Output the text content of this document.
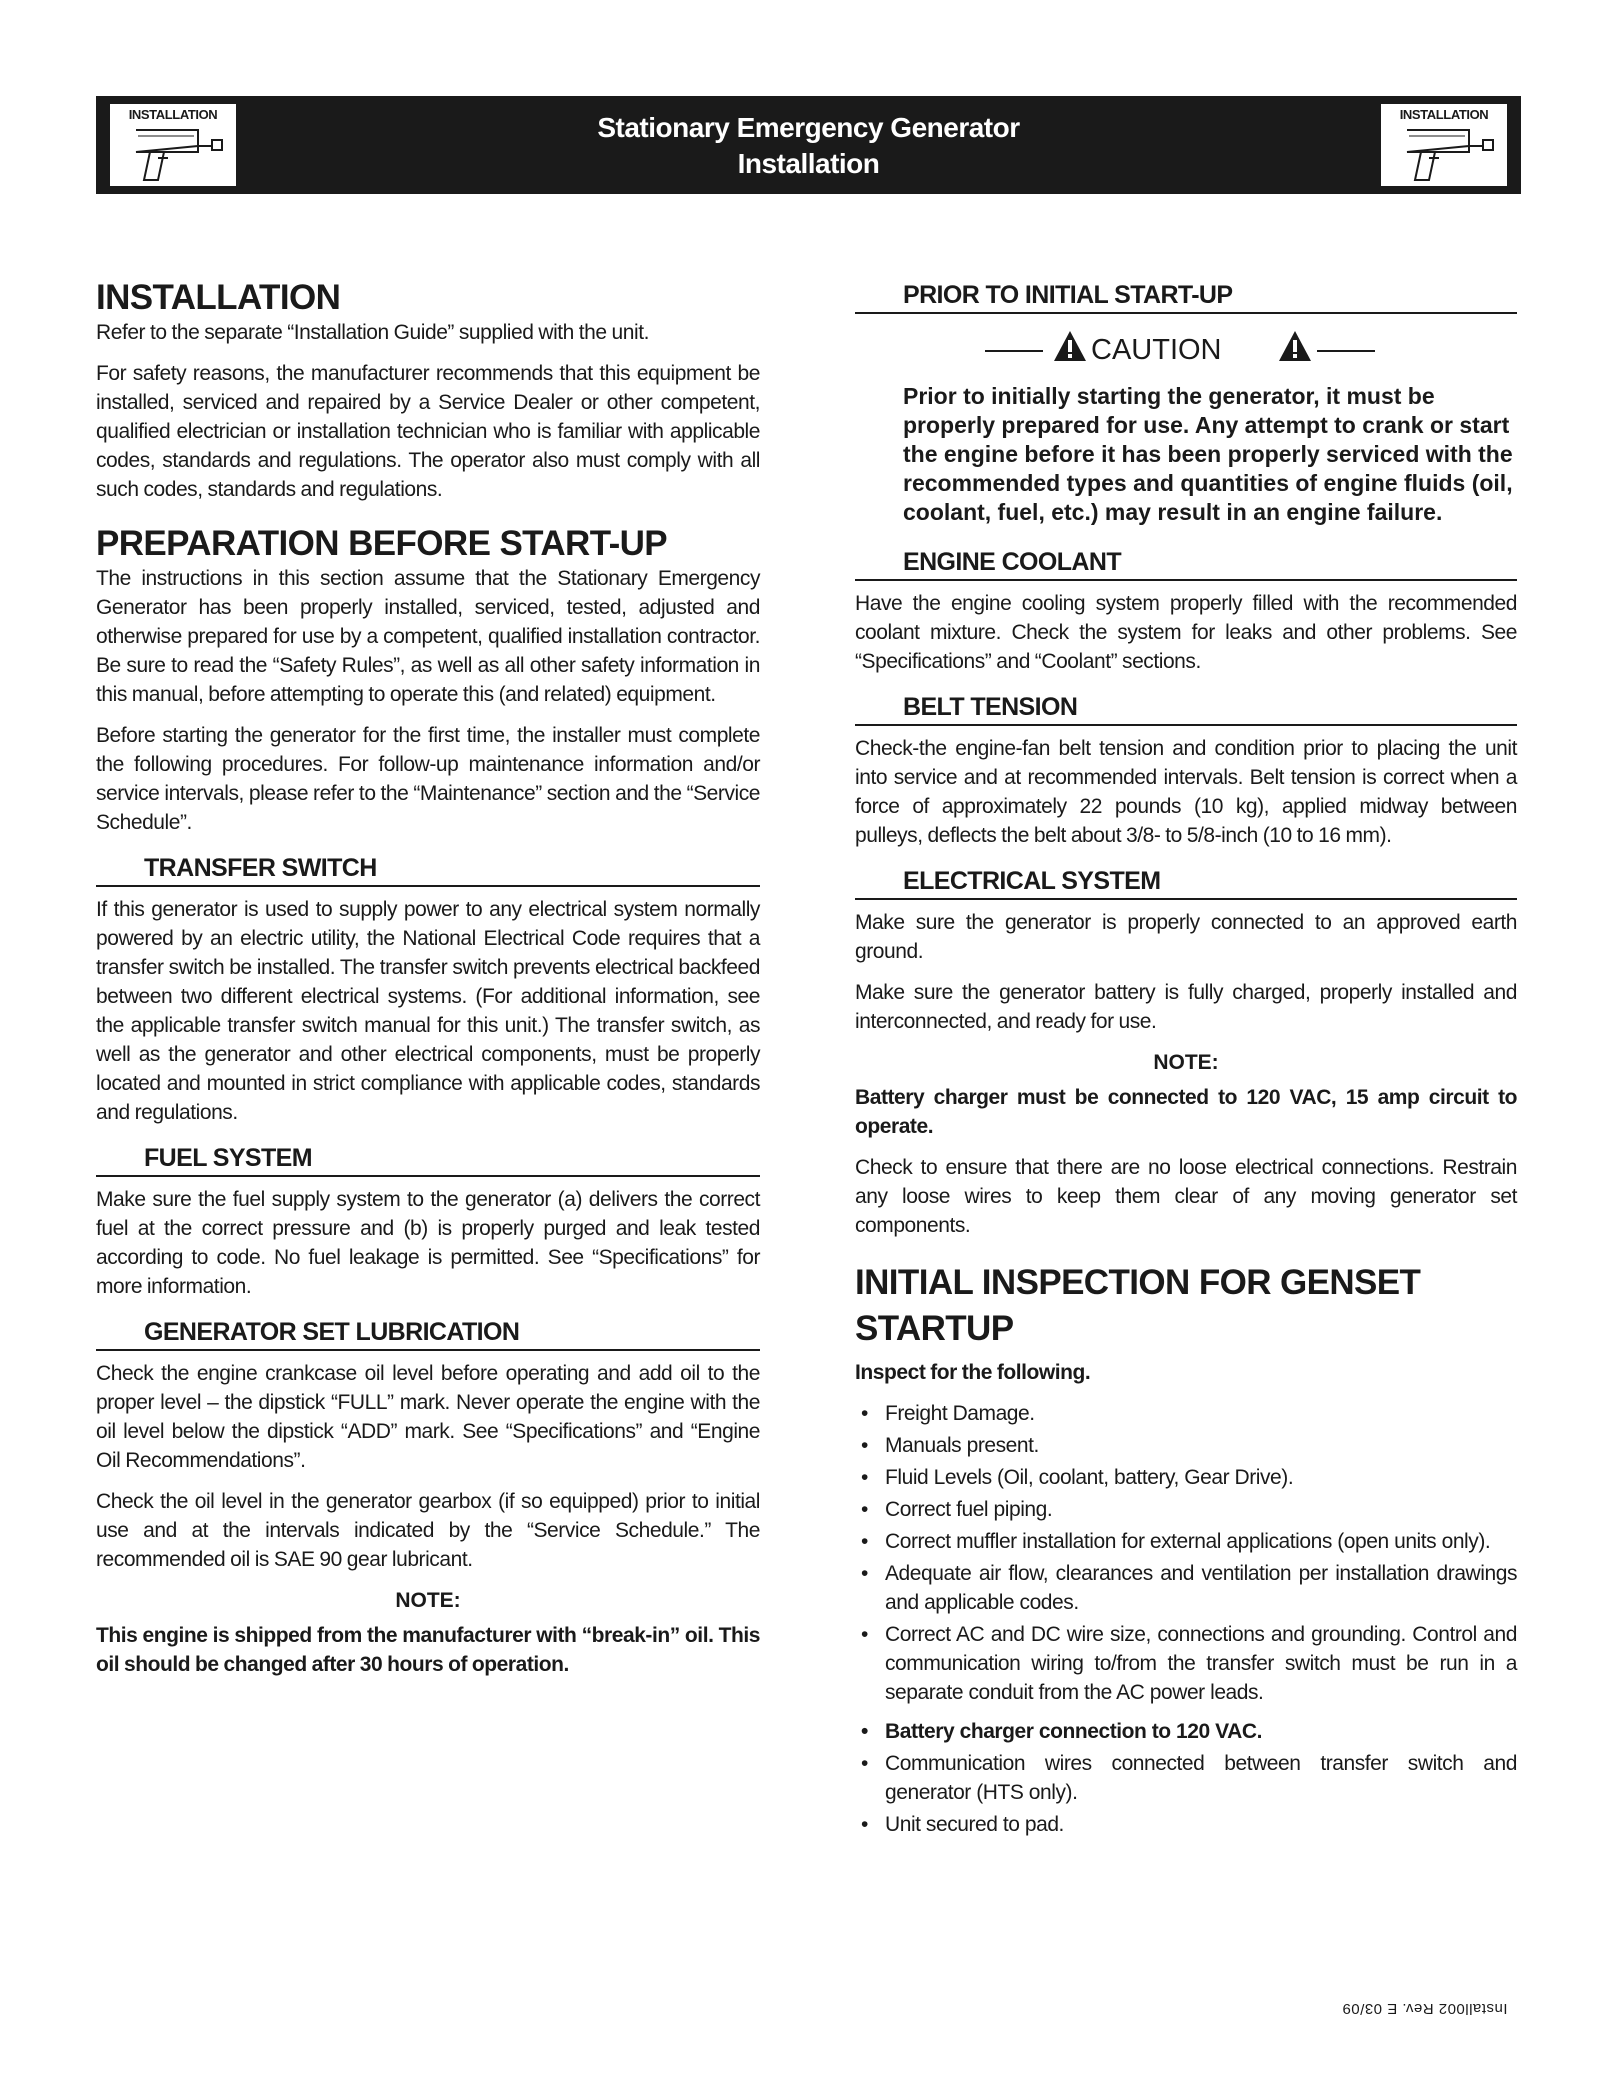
INSTALLATION	Stationary Emergency Generator
Installation
INSTALLATION
INSTALLATION

Refer to the separate “Installation Guide” supplied with the unit.

For safety reasons, the manufacturer recommends that this equipment be installed, serviced and repaired by a Service Dealer or other competent, qualified electrician or installation technician who is familiar with applicable codes, standards and regulations. The operator also must comply with all such codes, standards and regulations.

PREPARATION BEFORE START-UP

The instructions in this section assume that the Stationary Emergency Generator has been properly installed, serviced, tested, adjusted and otherwise prepared for use by a competent, qualified installation contractor. Be sure to read the “Safety Rules”, as well as all other safety information in this manual, before attempting to operate this (and related) equipment.

Before starting the generator for the first time, the installer must complete the following procedures. For follow-up maintenance information and/or service intervals, please refer to the “Maintenance” section and the “Service Schedule”.

TRANSFER SWITCH

If this generator is used to supply power to any electrical system normally powered by an electric utility, the National Electrical Code requires that a transfer switch be installed. The transfer switch prevents electrical backfeed between two different electrical systems. (For additional information, see the applicable transfer switch manual for this unit.) The transfer switch, as well as the generator and other electrical components, must be properly located and mounted in strict compliance with applicable codes, standards and regulations.

FUEL SYSTEM

Make sure the fuel supply system to the generator (a) delivers the correct fuel at the correct pressure and (b) is properly purged and leak tested according to code. No fuel leakage is permitted. See “Specifications” for more information.

GENERATOR SET LUBRICATION

Check the engine crankcase oil level before operating and add oil to the proper level – the dipstick “FULL” mark. Never operate the engine with the oil level below the dipstick “ADD” mark. See “Specifications” and “Engine Oil Recommendations”.

Check the oil level in the generator gearbox (if so equipped) prior to initial use and at the intervals indicated by the “Service Schedule.” The recommended oil is SAE 90 gear lubricant.

NOTE:

This engine is shipped from the manufacturer with “break-in” oil. This oil should be changed after 30 hours of operation.

PRIOR TO INITIAL START-UP
CAUTION

Prior to initially starting the generator, it must be properly prepared for use. Any attempt to crank or start the engine before it has been properly serviced with the recommended types and quantities of engine fluids (oil, coolant, fuel, etc.) may result in an engine failure.

ENGINE COOLANT

Have the engine cooling system properly filled with the recommended coolant mixture. Check the system for leaks and other problems. See “Specifications” and “Coolant” sections.

BELT TENSION

Check-the engine-fan belt tension and condition prior to placing the unit into service and at recommended intervals. Belt tension is correct when a force of approximately 22 pounds (10 kg), applied midway between pulleys, deflects the belt about 3/8- to 5/8-inch (10 to 16 mm).

ELECTRICAL SYSTEM

Make sure the generator is properly connected to an approved earth ground.

Make sure the generator battery is fully charged, properly installed and interconnected, and ready for use.

NOTE:

Battery charger must be connected to 120 VAC, 15 amp circuit to operate.

Check to ensure that there are no loose electrical connections. Restrain any loose wires to keep them clear of any moving generator set components.

INITIAL INSPECTION FOR GENSET STARTUP

Inspect for the following.

• Freight Damage.
• Manuals present.
• Fluid Levels (Oil, coolant, battery, Gear Drive).
• Correct fuel piping.
• Correct muffler installation for external applications (open units only).
• Adequate air flow, clearances and ventilation per installation drawings and applicable codes.
• Correct AC and DC wire size, connections and grounding. Control and communication wiring to/from the transfer switch must be run in a separate conduit from the AC power leads.
• Battery charger connection to 120 VAC.
• Communication wires connected between transfer switch and generator (HTS only).
• Unit secured to pad.
Install002 Rev. E 03/09
